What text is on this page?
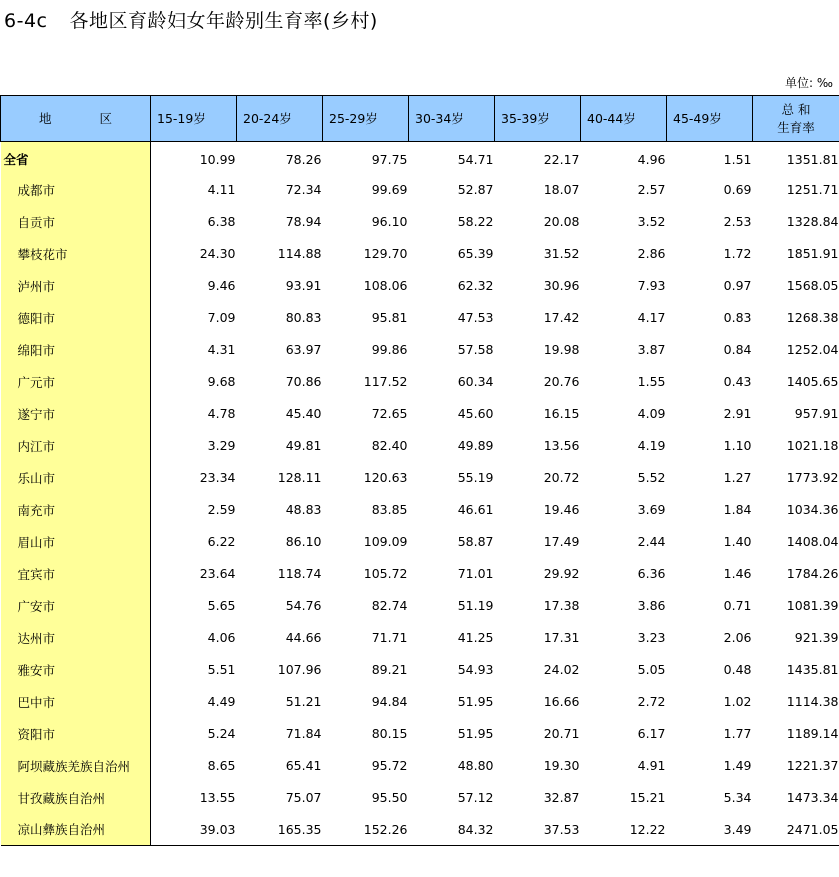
6-4c 各地区育龄妇女年龄别生育率(乡村)
单位: ‰
地 区	15-19岁	20-24岁	25-29岁	30-34岁	35-39岁	40-44岁	45-49岁	总 和
生育率
全省	10.99	78.26	97.75	54.71	22.17	4.96	1.51	1351.81
成都市	4.11	72.34	99.69	52.87	18.07	2.57	0.69	1251.71
自贡市	6.38	78.94	96.10	58.22	20.08	3.52	2.53	1328.84
攀枝花市	24.30	114.88	129.70	65.39	31.52	2.86	1.72	1851.91
泸州市	9.46	93.91	108.06	62.32	30.96	7.93	0.97	1568.05
德阳市	7.09	80.83	95.81	47.53	17.42	4.17	0.83	1268.38
绵阳市	4.31	63.97	99.86	57.58	19.98	3.87	0.84	1252.04
广元市	9.68	70.86	117.52	60.34	20.76	1.55	0.43	1405.65
遂宁市	4.78	45.40	72.65	45.60	16.15	4.09	2.91	957.91
内江市	3.29	49.81	82.40	49.89	13.56	4.19	1.10	1021.18
乐山市	23.34	128.11	120.63	55.19	20.72	5.52	1.27	1773.92
南充市	2.59	48.83	83.85	46.61	19.46	3.69	1.84	1034.36
眉山市	6.22	86.10	109.09	58.87	17.49	2.44	1.40	1408.04
宜宾市	23.64	118.74	105.72	71.01	29.92	6.36	1.46	1784.26
广安市	5.65	54.76	82.74	51.19	17.38	3.86	0.71	1081.39
达州市	4.06	44.66	71.71	41.25	17.31	3.23	2.06	921.39
雅安市	5.51	107.96	89.21	54.93	24.02	5.05	0.48	1435.81
巴中市	4.49	51.21	94.84	51.95	16.66	2.72	1.02	1114.38
资阳市	5.24	71.84	80.15	51.95	20.71	6.17	1.77	1189.14
阿坝藏族羌族自治州	8.65	65.41	95.72	48.80	19.30	4.91	1.49	1221.37
甘孜藏族自治州	13.55	75.07	95.50	57.12	32.87	15.21	5.34	1473.34
凉山彝族自治州	39.03	165.35	152.26	84.32	37.53	12.22	3.49	2471.05
